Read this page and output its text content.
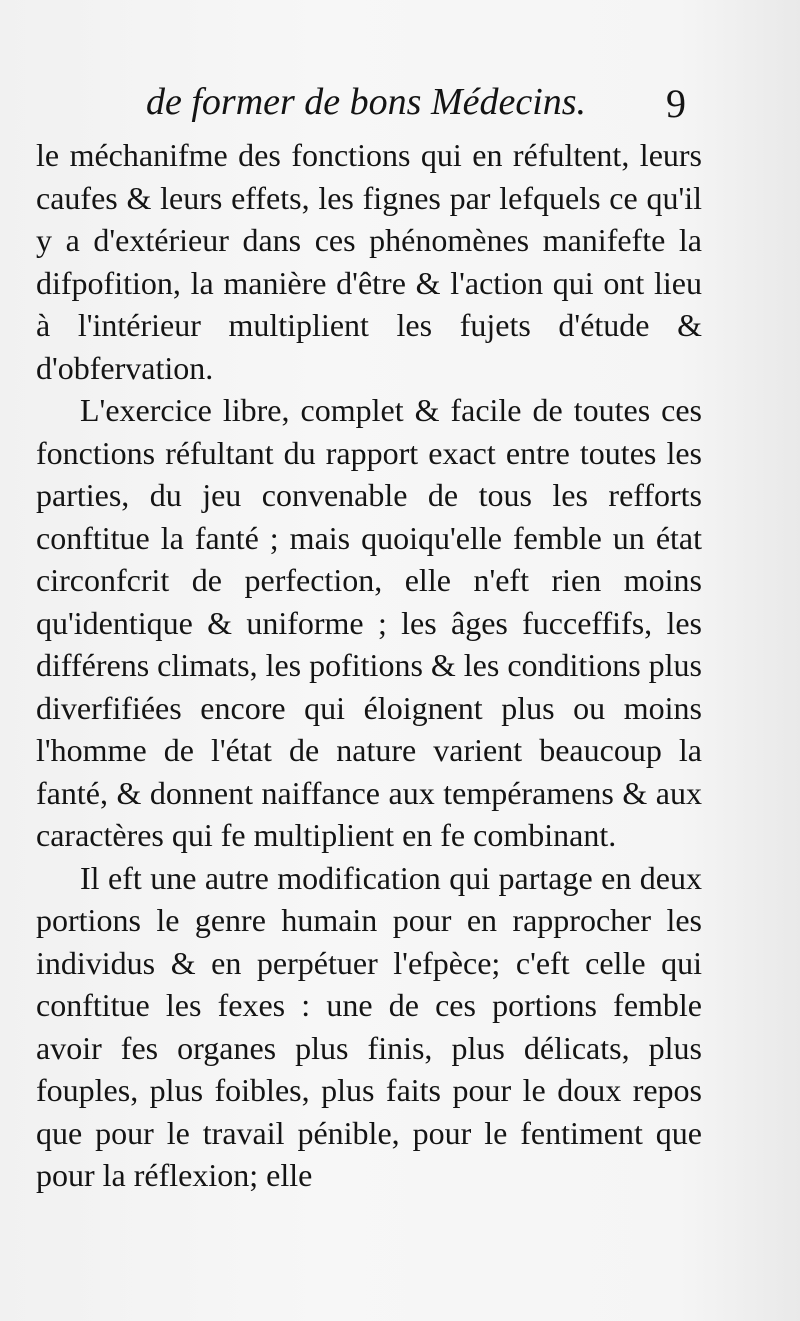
de former de bons Médecins. 9

le méchanifme des fonctions qui en réfultent, leurs caufes & leurs effets, les fignes par lefquels ce qu'il y a d'extérieur dans ces phénomènes manifefte la difpofition, la manière d'être & l'action qui ont lieu à l'intérieur multiplient les fujets d'étude & d'obfervation.

L'exercice libre, complet & facile de toutes ces fonctions réfultant du rapport exact entre toutes les parties, du jeu convenable de tous les refforts conftitue la fanté ; mais quoiqu'elle femble un état circonfcrit de perfection, elle n'eft rien moins qu'identique & uniforme ; les âges fucceffifs, les différens climats, les pofitions & les conditions plus diverfifiées encore qui éloignent plus ou moins l'homme de l'état de nature varient beaucoup la fanté, & donnent naiffance aux tempéramens & aux caractères qui fe multiplient en fe combinant.

Il eft une autre modification qui partage en deux portions le genre humain pour en rapprocher les individus & en perpétuer l'efpèce; c'eft celle qui conftitue les fexes : une de ces portions femble avoir fes organes plus finis, plus délicats, plus fouples, plus foibles, plus faits pour le doux repos que pour le travail pénible, pour le fentiment que pour la réflexion; elle
